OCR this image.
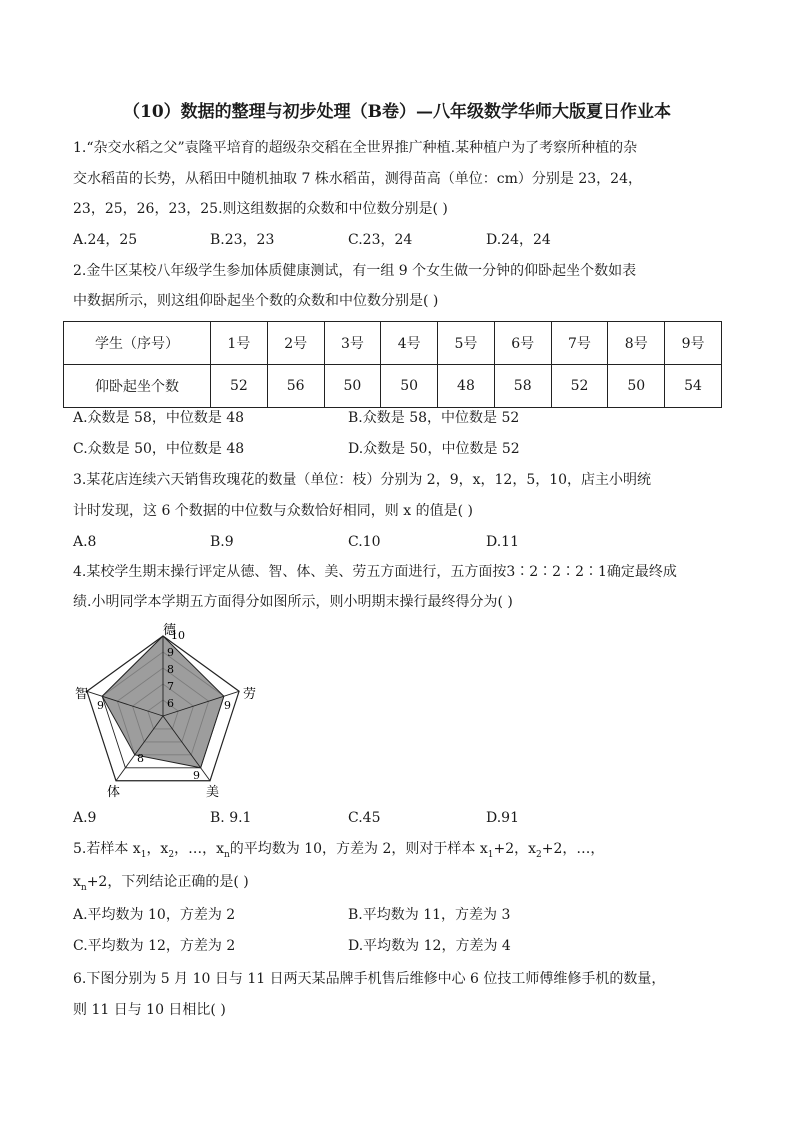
（10）数据的整理与初步处理（B卷）—八年级数学华师大版夏日作业本
1.“杂交水稻之父”袁隆平培育的超级杂交稻在全世界推广种植.某种植户为了考察所种植的杂
交水稻苗的长势，从稻田中随机抽取 7 株水稻苗，测得苗高（单位：cm）分别是 23，24，
23，25，26，23，25.则这组数据的众数和中位数分别是( )
A.24，25	B.23，23	C.23，24	D.24，24
2.金牛区某校八年级学生参加体质健康测试，有一组 9 个女生做一分钟的仰卧起坐个数如表
中数据所示，则这组仰卧起坐个数的众数和中位数分别是( )
学生（序号）	1号	2号	3号	4号	5号	6号	7号	8号	9号
仰卧起坐个数	52	56	50	50	48	58	52	50	54
A.众数是 58，中位数是 48	B.众数是 58，中位数是 52
C.众数是 50，中位数是 48	D.众数是 50，中位数是 52
3.某花店连续六天销售玫瑰花的数量（单位：枝）分别为 2，9，x，12，5，10，店主小明统
计时发现，这 6 个数据的中位数与众数恰好相同，则 x 的值是( )
A.8	B.9	C.10	D.11
4.某校学生期末操行评定从德、智、体、美、劳五方面进行，五方面按3∶2∶2∶2∶1确定最终成
绩.小明同学本学期五方面得分如图所示，则小明期末操行最终得分为( )
德
劳
美
体
智
6
7
8
9
10
9
9
8
9
A.9	B. 9.1	C.45	D.91
5.若样本 $x_1$，$x_2$，…，$x_n$的平均数为 10，方差为 2，则对于样本 $x_1+2$，$x_2+2$，…，
$x_n+2$，下列结论正确的是( )
A.平均数为 10，方差为 2	B.平均数为 11，方差为 3
C.平均数为 12，方差为 2	D.平均数为 12，方差为 4
6.下图分别为 5 月 10 日与 11 日两天某品牌手机售后维修中心 6 位技工师傅维修手机的数量，
则 11 日与 10 日相比( )
